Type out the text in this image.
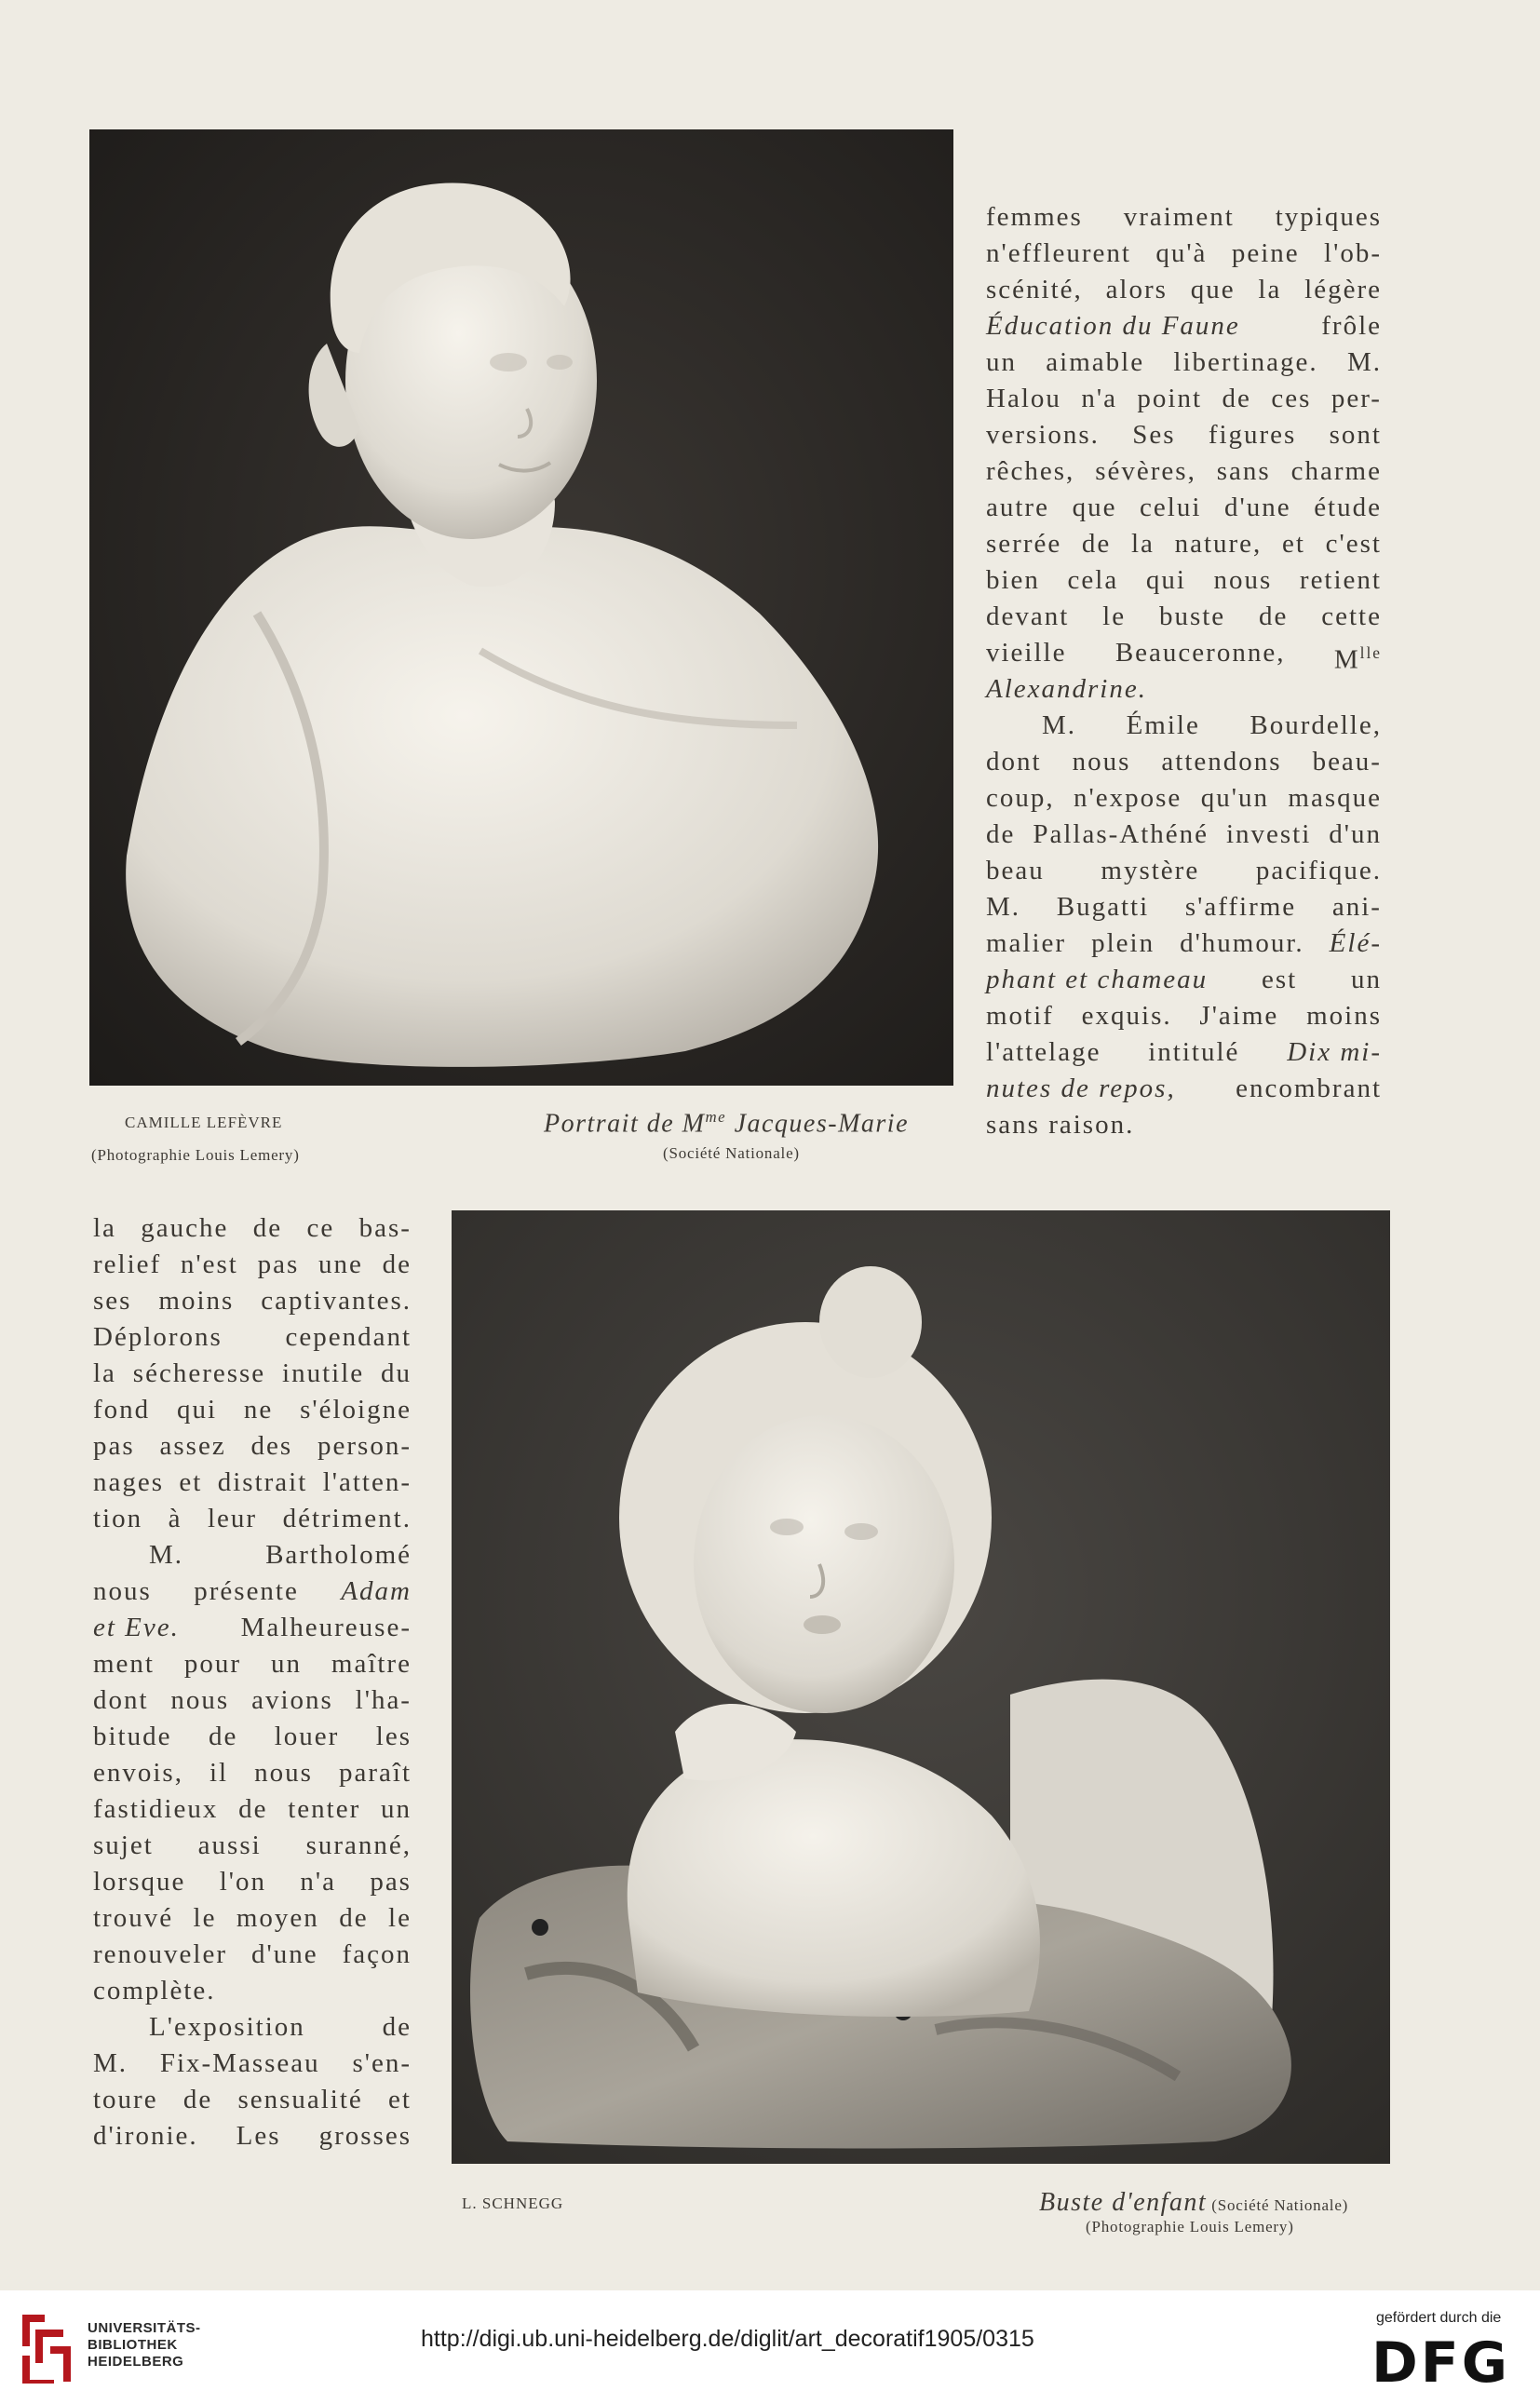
CAMILLE LEFÈVRE
(Photographie Louis Lemery)
Portrait de $M^{me}$ Jacques-Marie
(Société Nationale)
femmes vraiment typiques
n'effleurent qu'à peine l'ob-
scénité, alors que la légère
Éducation du Faune	frôle
un aimable libertinage. M.
Halou n'a point de ces per-
versions. Ses figures sont
rêches, sévères, sans charme
autre que celui d'une étude
serrée de la nature, et c'est
bien cela qui nous retient
devant le buste de cette
vieille Beauceronne, $M^{lle}$
Alexandrine.
M. Émile Bourdelle,
dont nous attendons beau-
coup, n'expose qu'un masque
de Pallas-Athéné investi d'un
beau mystère pacifique.
M. Bugatti s'affirme ani-
malier plein d'humour. Élé-
phant et chameau est un
motif exquis. J'aime moins
l'attelage intitulé Dix mi-
nutes de repos, encombrant
sans raison.
la gauche de ce bas-
relief n'est pas une de
ses moins captivantes.
Déplorons cependant
la sécheresse inutile du
fond qui ne s'éloigne
pas assez des person-
nages et distrait l'atten-
tion à leur détriment.
M.	Bartholomé
nous présente Adam
et Eve. Malheureuse-
ment pour un maître
dont nous avions l'ha-
bitude de louer les
envois, il nous paraît
fastidieux de tenter un
sujet aussi suranné,
lorsque l'on n'a pas
trouvé le moyen de le
renouveler d'une façon
complète.
L'exposition	de
M. Fix-Masseau s'en-
toure de sensualité et
d'ironie. Les grosses
L. SCHNEGG	Buste d'enfant (Société Nationale)
(Photographie Louis Lemery)
UNIVERSITÄTS-
BIBLIOTHEK
HEIDELBERG
http://digi.ub.uni-heidelberg.de/diglit/art_decoratif1905/0315
gefördert durch die
DFG
